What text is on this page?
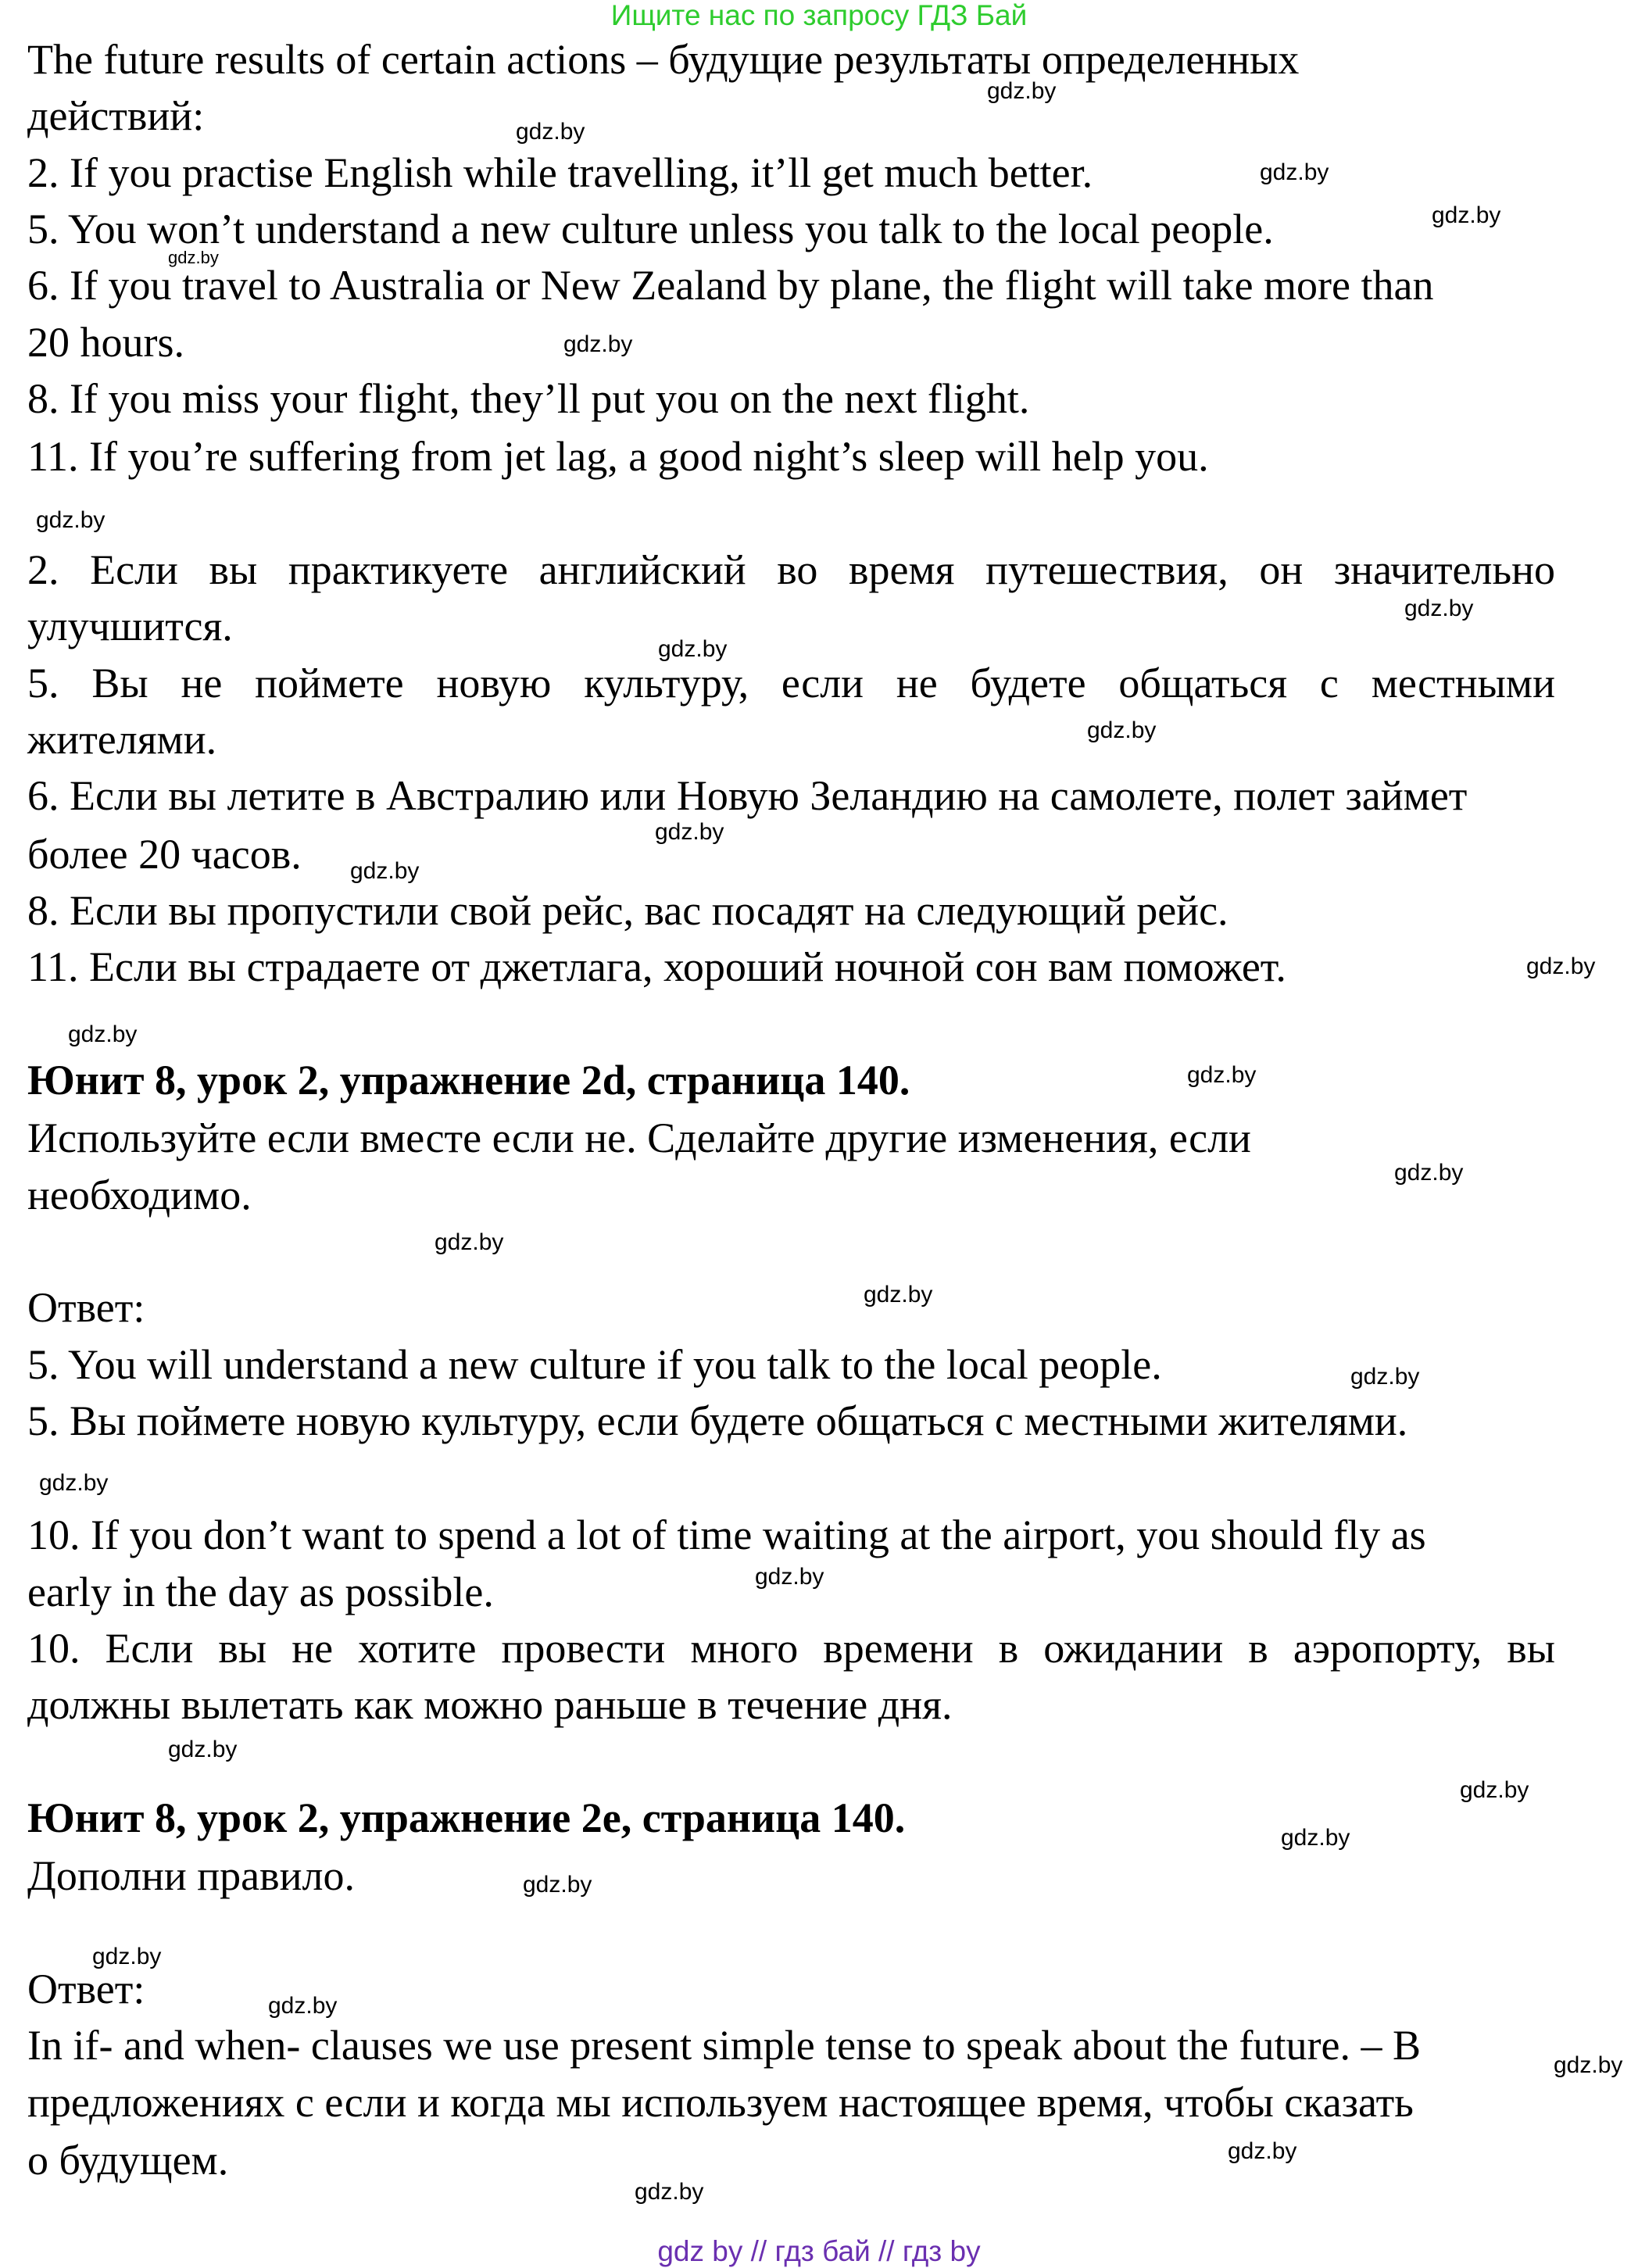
Ищите нас по запросу ГДЗ Бай
The future results of certain actions – будущие результаты определенных
действий:
2. If you practise English while travelling, it’ll get much better.
5. You won’t understand a new culture unless you talk to the local people.
6. If you travel to Australia or New Zealand by plane, the flight will take more than
20 hours.
8. If you miss your flight, they’ll put you on the next flight.
11. If you’re suffering from jet lag, a good night’s sleep will help you.
2. Если вы практикуете английский во время путешествия, он значительно
улучшится.
5. Вы не поймете новую культуру, если не будете общаться с местными
жителями.
6. Если вы летите в Австралию или Новую Зеландию на самолете, полет займет
более 20 часов.
8. Если вы пропустили свой рейс, вас посадят на следующий рейс.
11. Если вы страдаете от джетлага, хороший ночной сон вам поможет.
Юнит 8, урок 2, упражнение 2d, страница 140.
Используйте если вместе если не. Сделайте другие изменения, если
необходимо.
Ответ:
5. You will understand a new culture if you talk to the local people.
5. Вы поймете новую культуру, если будете общаться с местными жителями.
10. If you don’t want to spend a lot of time waiting at the airport, you should fly as
early in the day as possible.
10. Если вы не хотите провести много времени в ожидании в аэропорту, вы
должны вылетать как можно раньше в течение дня.
Юнит 8, урок 2, упражнение 2е, страница 140.
Дополни правило.
Ответ:
In if- and when- clauses we use present simple tense to speak about the future. – В
предложениях с если и когда мы используем настоящее время, чтобы сказать
о будущем.
gdz.by
gdz.by
gdz.by
gdz.by
gdz.by
gdz.by
gdz.by
gdz.by
gdz.by
gdz.by
gdz.by
gdz.by
gdz.by
gdz.by
gdz.by
gdz.by
gdz.by
gdz.by
gdz.by
gdz.by
gdz.by
gdz.by
gdz.by
gdz.by
gdz.by
gdz.by
gdz.by
gdz.by
gdz.by
gdz.by
gdz by // гдз бай // гдз by
